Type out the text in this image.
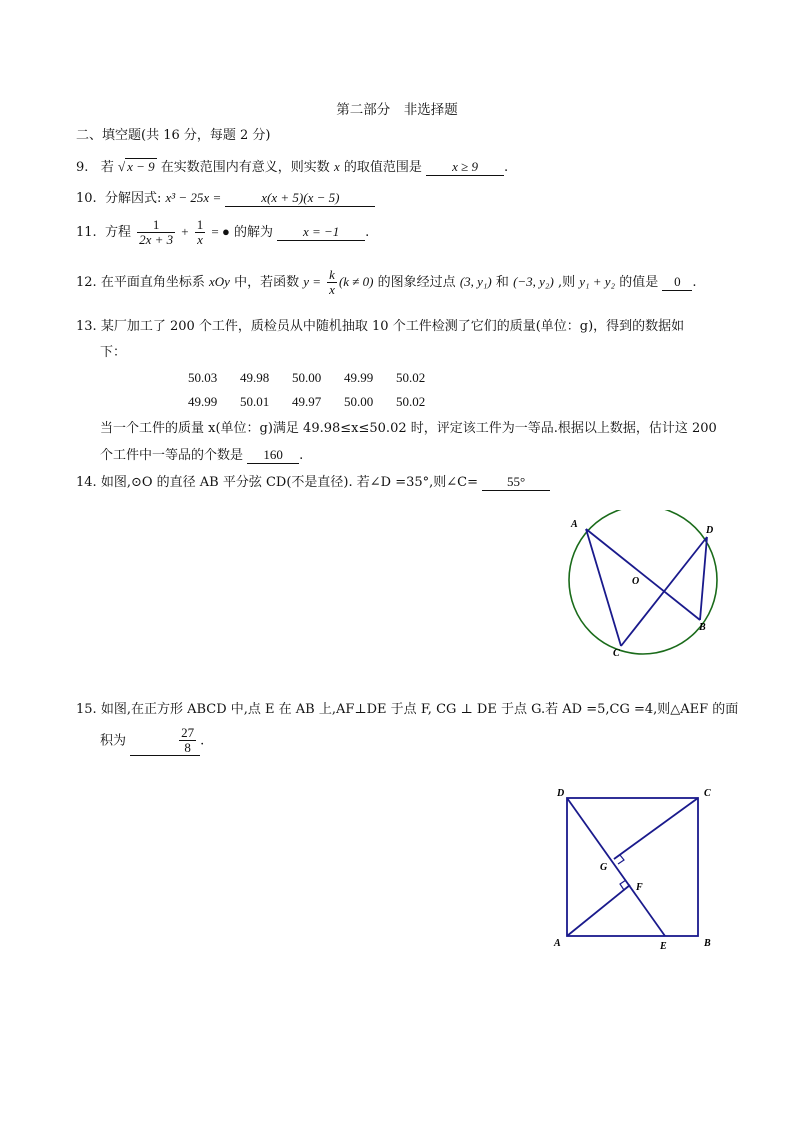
第二部分　非选择题
二、填空题(共 16 分，每题 2 分)
9. 若 √ x − 9 在实数范围内有意义，则实数 x 的取值范围是 x ≥ 9 .
10. 分解因式: x³ − 25x =	x(x + 5)(x − 5)
11. 方程 $\frac{1}{2x + 3} + \frac{1}{x}$ = ● 的解为 x = −1 .
12. 在平面直角坐标系 xOy 中，若函数 $y = \frac{k}{x} (k \ne 0)$ 的图象经过点 (3, y₁) 和 (−3, y₂) ,则 y₁ + y₂ 的值是 0 .
13. 某厂加工了 200 个工件，质检员从中随机抽取 10 个工件检测了它们的质量(单位：g)，得到的数据如
下：
50.03	49.98	50.00	49.99	50.02
49.99	50.01	49.97	50.00	50.02
当一个工件的质量 x(单位：g)满足 49.98≤x≤50.02 时，评定该工件为一等品.根据以上数据，估计这 200
个工件中一等品的个数是 160 .
14. 如图,⊙O 的直径 AB 平分弦 CD(不是直径). 若∠D =35°,则∠C= 55°
A
D
O
B
C
15. 如图,在正方形 ABCD 中,点 E 在 AB 上,AF⊥DE 于点 F, CG ⊥ DE 于点 G.若 AD =5,CG =4,则△AEF 的面
积为	$\frac{27}{8}$ .
D	C
G
F
A	E	B
